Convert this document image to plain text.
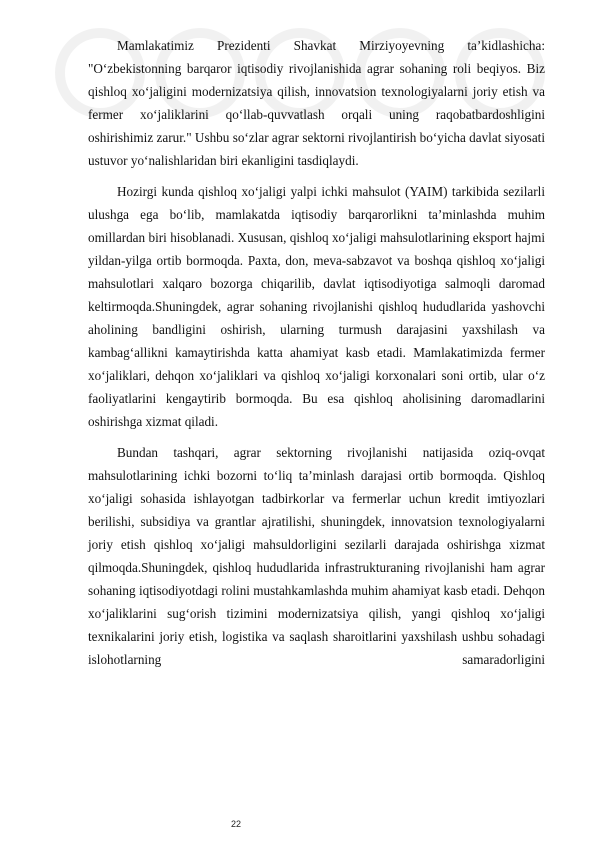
Mamlakatimiz Prezidenti Shavkat Mirziyoyevning ta’kidlashicha: "O‘zbekistonning barqaror iqtisodiy rivojlanishida agrar sohaning roli beqiyos. Biz qishloq xo‘jaligini modernizatsiya qilish, innovatsion texnologiyalarni joriy etish va fermer xo‘jaliklarini qo‘llab-quvvatlash orqali uning raqobatbardoshligini oshirishimiz zarur." Ushbu so‘zlar agrar sektorni rivojlantirish bo‘yicha davlat siyosati ustuvor yo‘nalishlaridan biri ekanligini tasdiqlaydi.

Hozirgi kunda qishloq xo‘jaligi yalpi ichki mahsulot (YAIM) tarkibida sezilarli ulushga ega bo‘lib, mamlakatda iqtisodiy barqarorlikni ta’minlashda muhim omillardan biri hisoblanadi. Xususan, qishloq xo‘jaligi mahsulotlarining eksport hajmi yildan-yilga ortib bormoqda. Paxta, don, meva-sabzavot va boshqa qishloq xo‘jaligi mahsulotlari xalqaro bozorga chiqarilib, davlat iqtisodiyotiga salmoqli daromad keltirmoqda.Shuningdek, agrar sohaning rivojlanishi qishloq hududlarida yashovchi aholining bandligini oshirish, ularning turmush darajasini yaxshilash va kambag‘allikni kamaytirishda katta ahamiyat kasb etadi. Mamlakatimizda fermer xo‘jaliklari, dehqon xo‘jaliklari va qishloq xo‘jaligi korxonalari soni ortib, ular o‘z faoliyatlarini kengaytirib bormoqda. Bu esa qishloq aholisining daromadlarini oshirishga xizmat qiladi.

Bundan tashqari, agrar sektorning rivojlanishi natijasida oziq-ovqat mahsulotlarining ichki bozorni to‘liq ta’minlash darajasi ortib bormoqda. Qishloq xo‘jaligi sohasida ishlayotgan tadbirkorlar va fermerlar uchun kredit imtiyozlari berilishi, subsidiya va grantlar ajratilishi, shuningdek, innovatsion texnologiyalarni joriy etish qishloq xo‘jaligi mahsuldorligini sezilarli darajada oshirishga xizmat qilmoqda.Shuningdek, qishloq hududlarida infrastrukturaning rivojlanishi ham agrar sohaning iqtisodiyotdagi rolini mustahkamlashda muhim ahamiyat kasb etadi. Dehqon xo‘jaliklarini sug‘orish tizimini modernizatsiya qilish, yangi qishloq xo‘jaligi texnikalarini joriy etish, logistika va saqlash sharoitlarini yaxshilash ushbu sohadagi islohotlarning samaradorligini

22
